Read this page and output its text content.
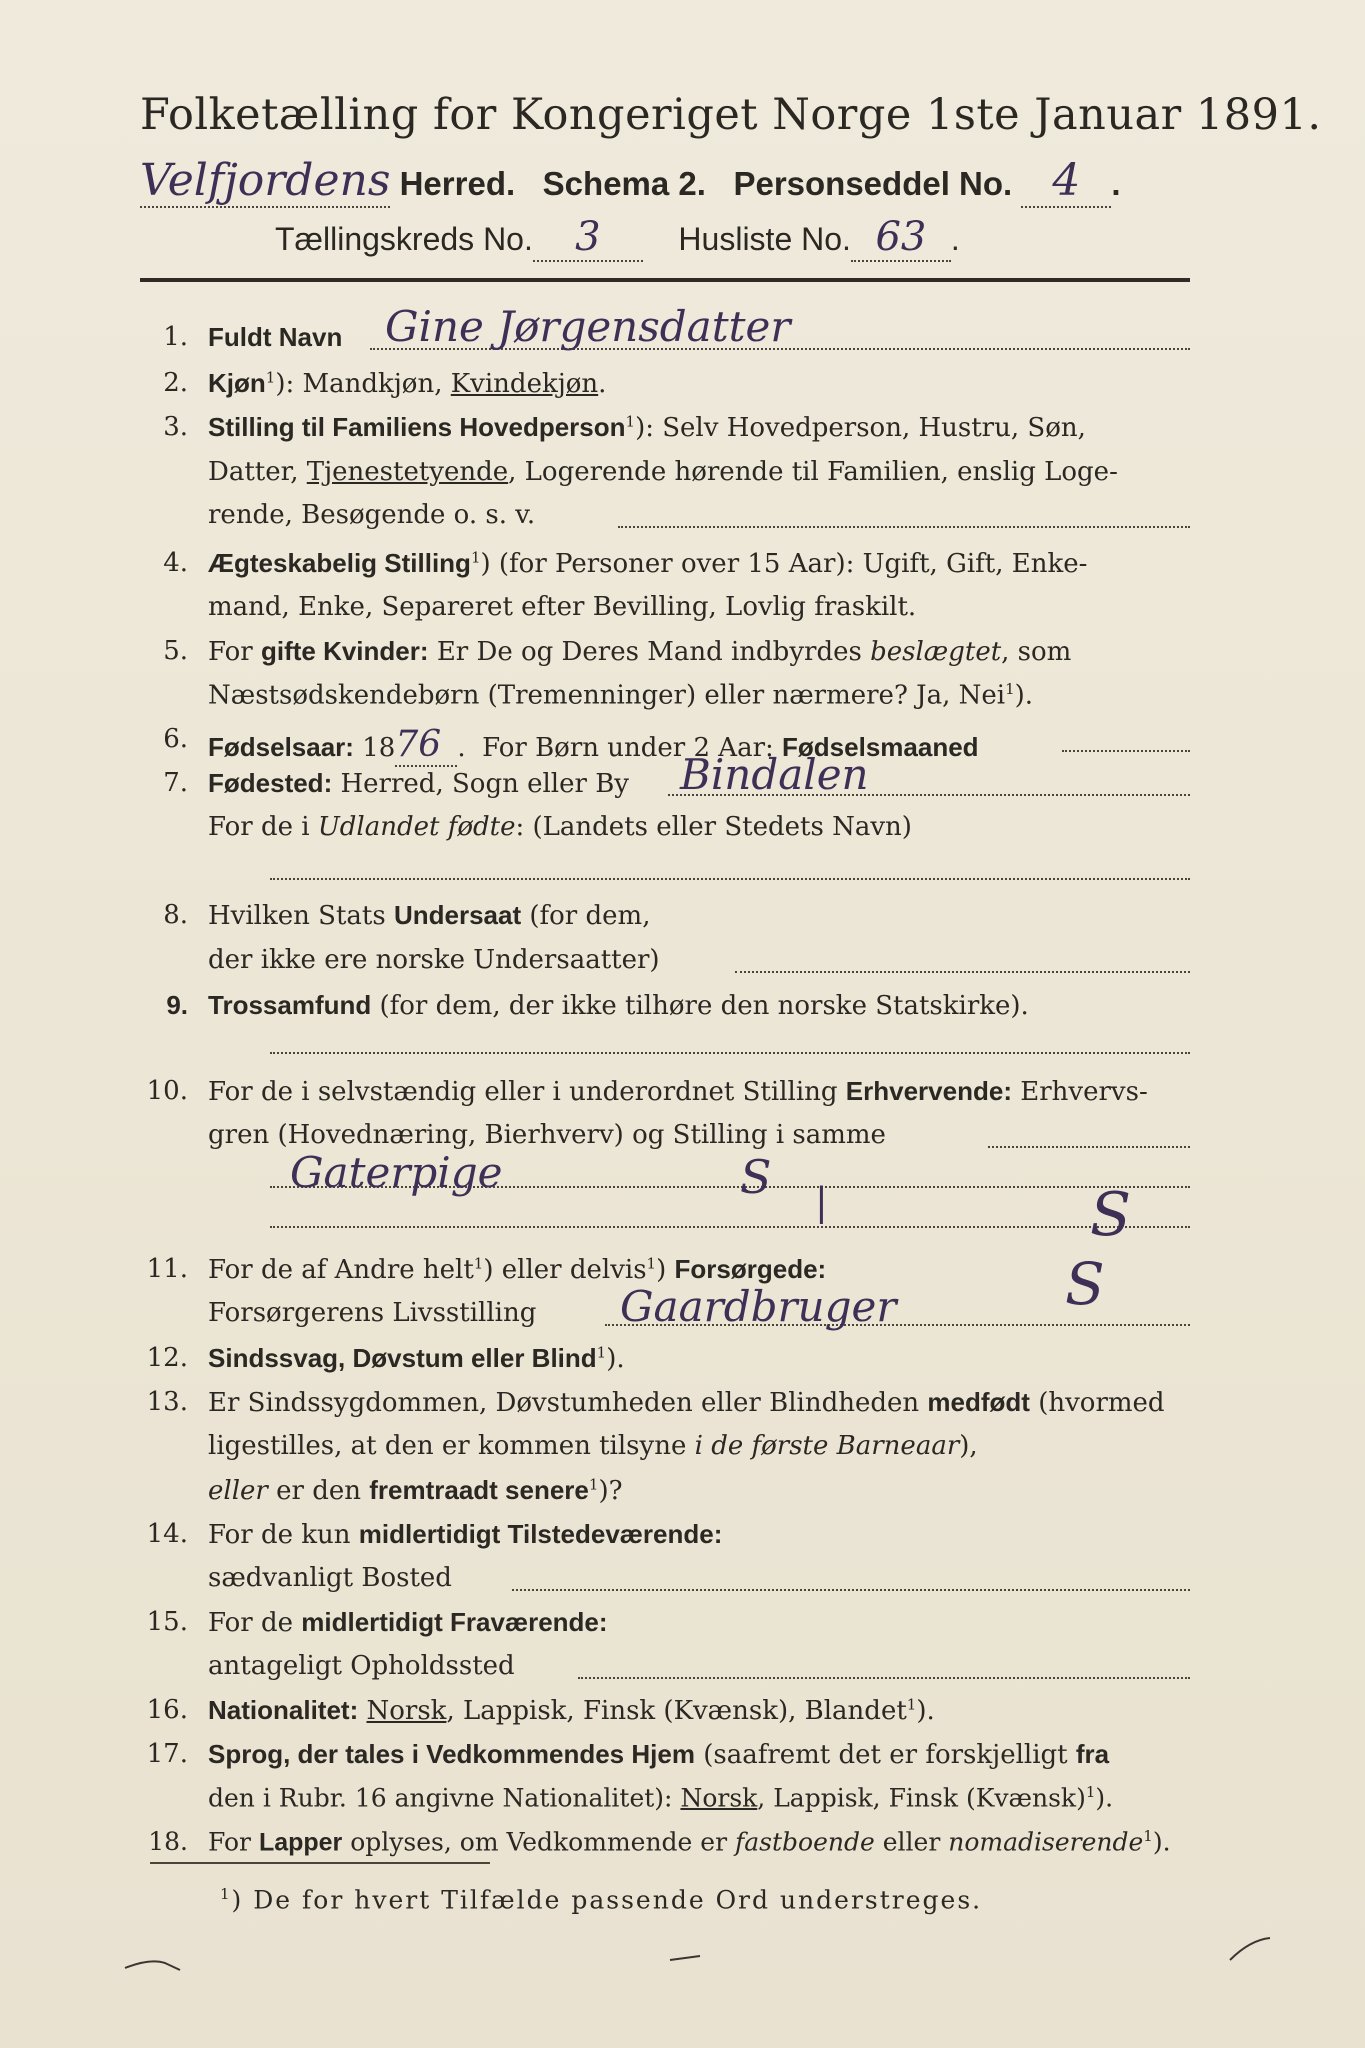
Folketælling for Kongeriget Norge 1ste Januar 1891.
Velfjordens Herred. Schema 2. Personseddel No. 4 .
Tællingskreds No. 3 Husliste No. 63 .
1. Fuldt Navn Gine Jørgensdatter
2. Kjøn$^1$): Mandkjøn, Kvindekjøn.
3. Stilling til Familiens Hovedperson$^1$): Selv Hovedperson, Hustru, Søn,
Datter, Tjenestetyende, Logerende hørende til Familien, enslig Loge-
rende, Besøgende o. s. v.
4. Ægteskabelig Stilling$^1$) (for Personer over 15 Aar): Ugift, Gift, Enke-
mand, Enke, Separeret efter Bevilling, Lovlig fraskilt.
5. For gifte Kvinder: Er De og Deres Mand indbyrdes beslægtet, som
Næstsødskendebørn (Tremenninger) eller nærmere? Ja, Nei$^1$).
6. Fødselsaar: 1876 .  For Børn under 2 Aar: Fødselsmaaned
7. Fødested: Herred, Sogn eller By Bindalen
For de i Udlandet fødte: (Landets eller Stedets Navn)
8. Hvilken Stats Undersaat (for dem,
der ikke ere norske Undersaatter)
9. Trossamfund (for dem, der ikke tilhøre den norske Statskirke).
10. For de i selvstændig eller i underordnet Stilling Erhvervende: Erhvervs-
gren (Hovednæring, Bierhverv) og Stilling i samme
Gaterpige	S |	S
11. For de af Andre helt$^1$) eller delvis$^1$) Forsørgede:
Forsørgerens Livsstilling Gaardbruger	S
12. Sindssvag, Døvstum eller Blind$^1$).
13. Er Sindssygdommen, Døvstumheden eller Blindheden medfødt (hvormed
ligestilles, at den er kommen tilsyne i de første Barneaar),
eller er den fremtraadt senere$^1$)?
14. For de kun midlertidigt Tilstedeværende:
sædvanligt Bosted
15. For de midlertidigt Fraværende:
antageligt Opholdssted
16. Nationalitet: Norsk, Lappisk, Finsk (Kvænsk), Blandet$^1$).
17. Sprog, der tales i Vedkommendes Hjem (saafremt det er forskjelligt fra
den i Rubr. 16 angivne Nationalitet): Norsk, Lappisk, Finsk (Kvænsk)$^1$).
18. For Lapper oplyses, om Vedkommende er fastboende eller nomadiserende$^1$).
$^1$) De for hvert Tilfælde passende Ord understreges.
